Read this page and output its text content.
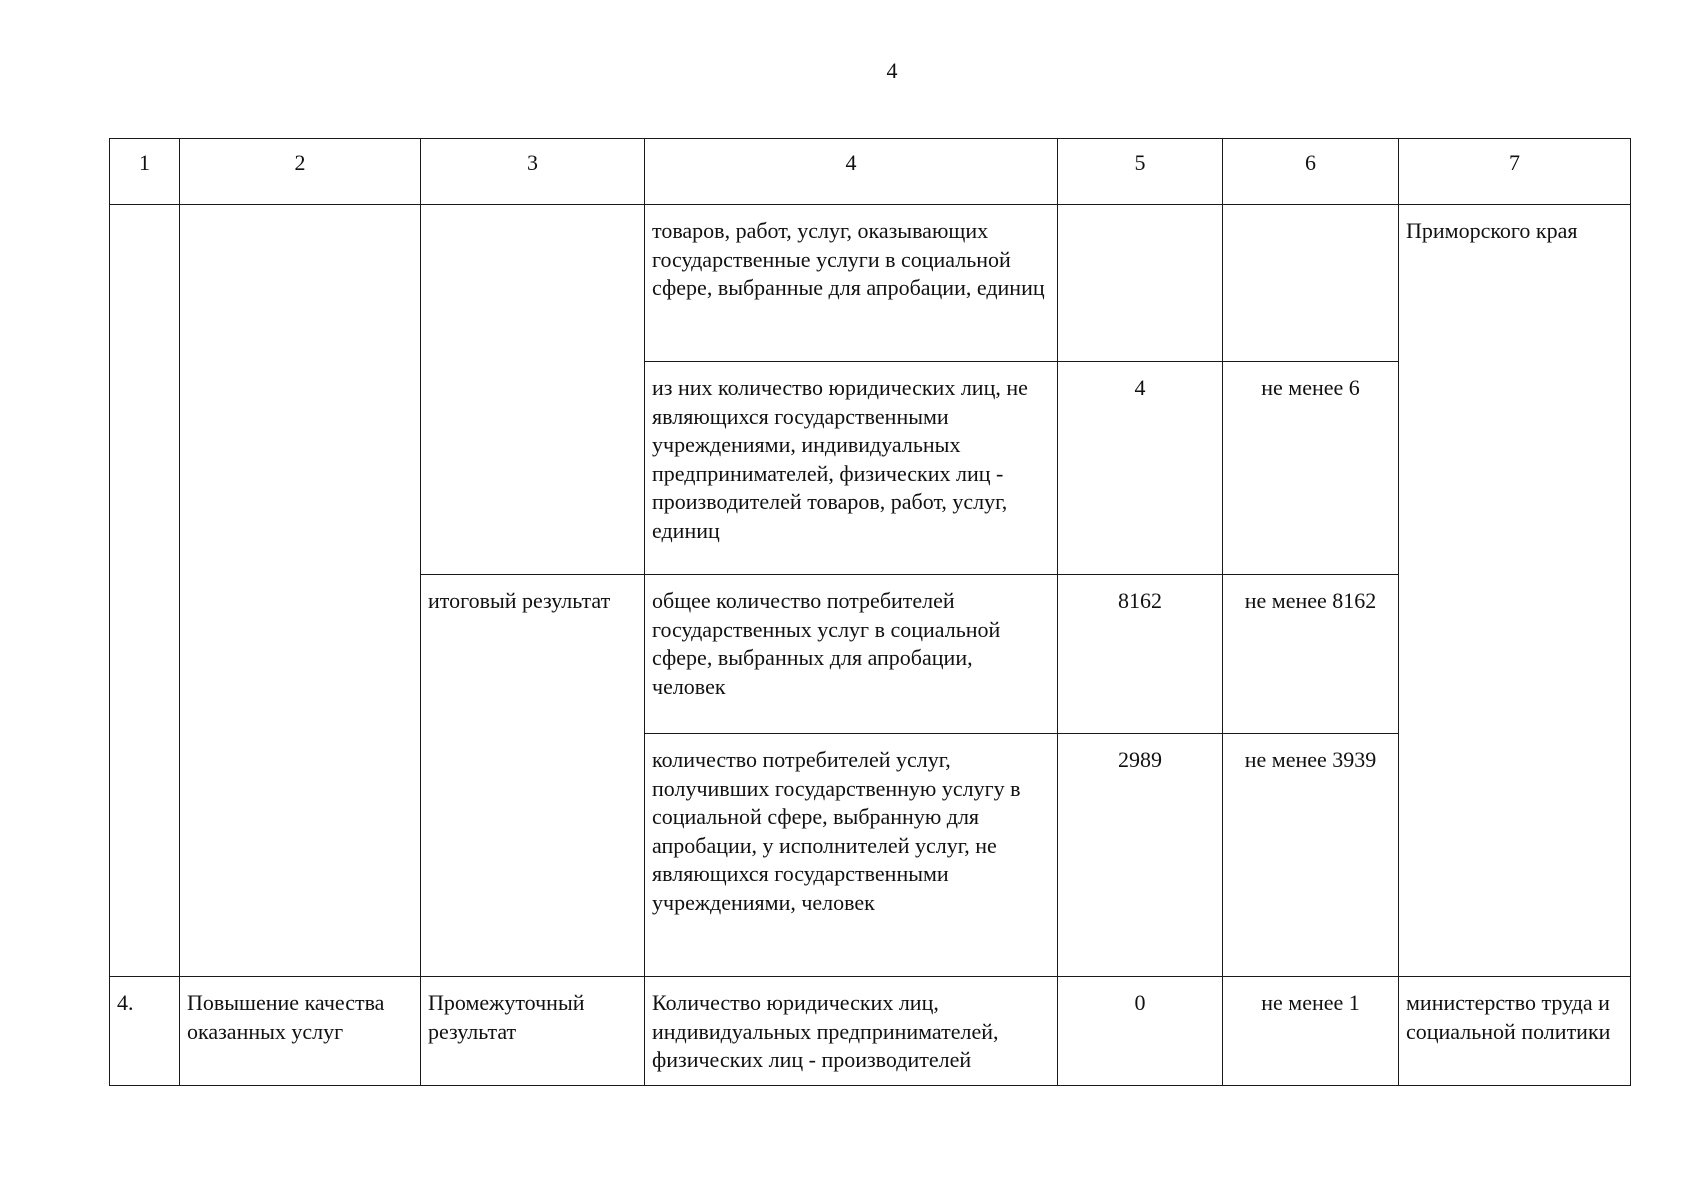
4
1	2	3	4	5	6	7
			товаров, работ, услуг, оказывающих государственные услуги в социальной сфере, выбранные для апробации, единиц			Приморского края
			из них количество юридических лиц, не являющихся государственными учреждениями, индивидуальных предпринимателей, физических лиц - производителей товаров, работ, услуг, единиц	4	не менее 6	
		итоговый результат	общее количество потребителей государственных услуг в социальной сфере, выбранных для апробации, человек	8162	не менее 8162	
			количество потребителей услуг, получивших государственную услугу в социальной сфере, выбранную для апробации, у исполнителей услуг, не являющихся государственными учреждениями, человек	2989	не менее 3939	
4.	Повышение качества оказанных услуг	Промежуточный результат	Количество юридических лиц, индивидуальных предпринимателей, физических лиц - производителей	0	не менее 1	министерство труда и социальной политики
